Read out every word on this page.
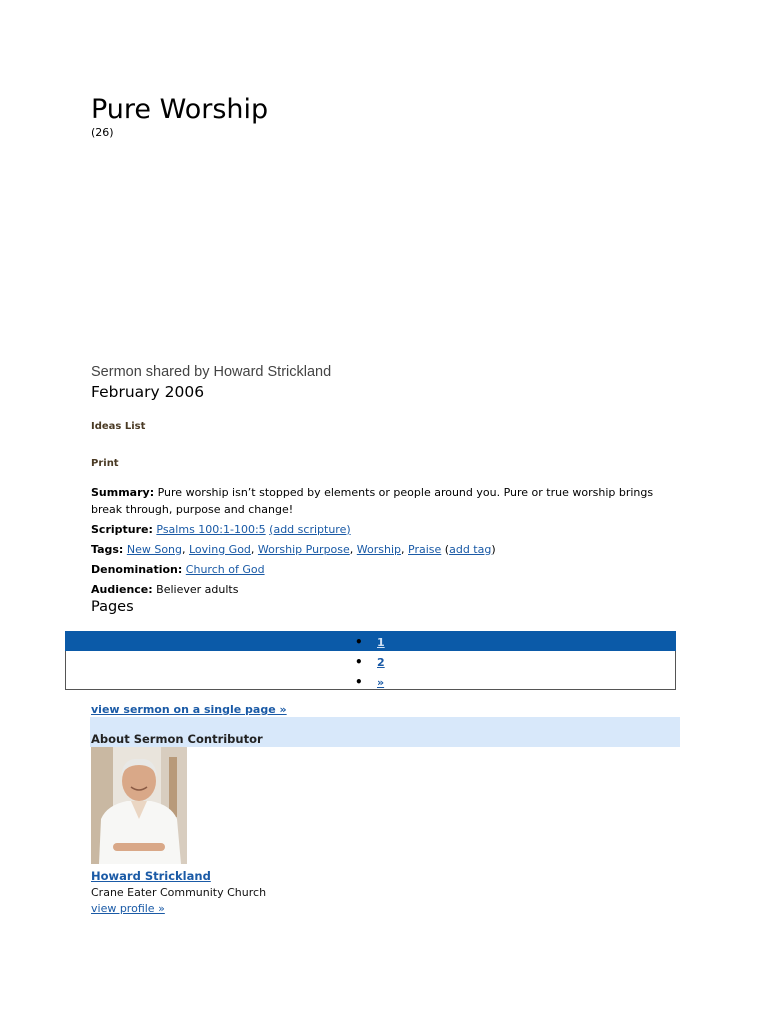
Pure Worship
(26)
Sermon shared by Howard Strickland
February 2006
Ideas List
Print
Summary: Pure worship isn’t stopped by elements or people around you. Pure or true worship brings break through, purpose and change!
Scripture: Psalms 100:1-100:5 (add scripture)
Tags: New Song, Loving God, Worship Purpose, Worship, Praise (add tag)
Denomination: Church of God
Audience: Believer adults
Pages
• 1
• 2
• »
view sermon on a single page »
About Sermon Contributor
Howard Strickland
Crane Eater Community Church
view profile »
